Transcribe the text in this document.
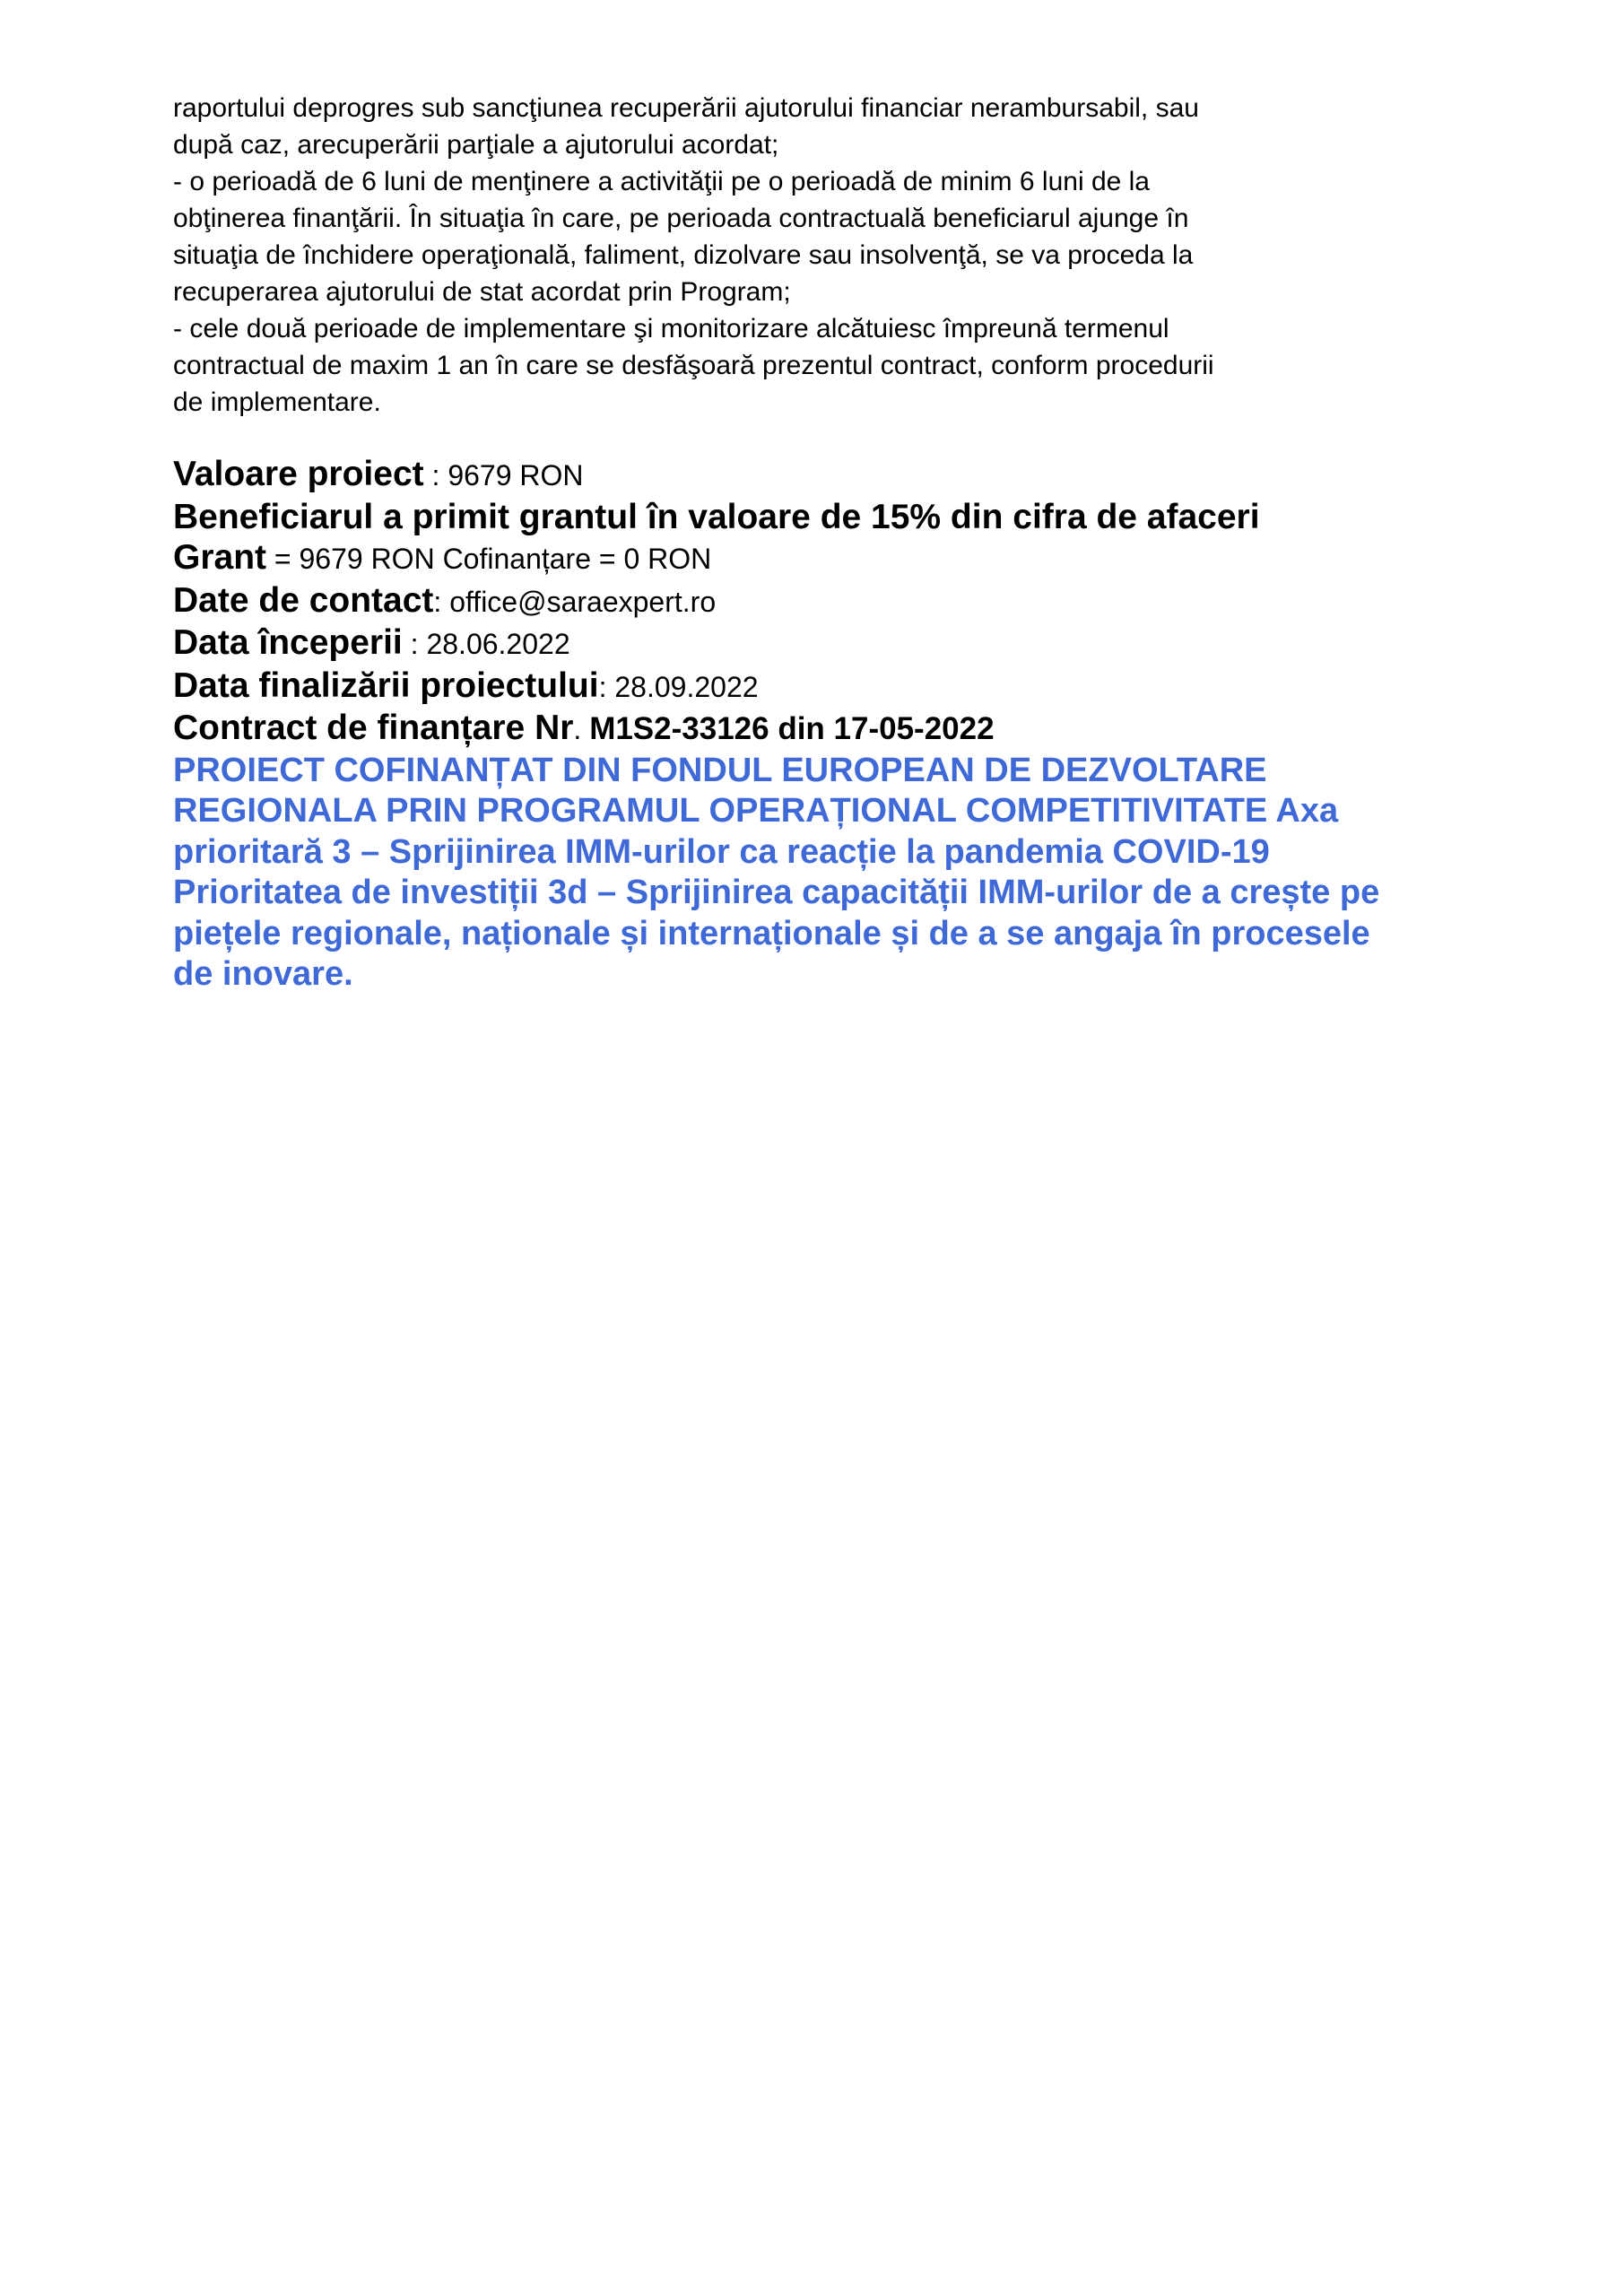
raportului deprogres sub sancţiunea recuperării ajutorului financiar nerambursabil, sau
după caz, arecuperării parţiale a ajutorului acordat;
- o perioadă de 6 luni de menţinere a activităţii pe o perioadă de minim 6 luni de la
obţinerea finanţării. În situaţia în care, pe perioada contractuală beneficiarul ajunge în
situaţia de închidere operaţională, faliment, dizolvare sau insolvenţă, se va proceda la
recuperarea ajutorului de stat acordat prin Program;
- cele două perioade de implementare şi monitorizare alcătuiesc împreună termenul
contractual de maxim 1 an în care se desfăşoară prezentul contract, conform procedurii
de implementare.
Valoare proiect : 9679 RON
Beneficiarul a primit grantul în valoare de 15% din cifra de afaceri
Grant = 9679 RON Cofinanțare = 0 RON
Date de contact: office@saraexpert.ro
Data începerii : 28.06.2022
Data finalizării proiectului: 28.09.2022
Contract de finanțare Nr. M1S2-33126 din 17-05-2022
PROIECT COFINANȚAT DIN FONDUL EUROPEAN DE DEZVOLTARE
REGIONALA PRIN PROGRAMUL OPERAȚIONAL COMPETITIVITATE Axa
prioritară 3 – Sprijinirea IMM-urilor ca reacție la pandemia COVID-19
Prioritatea de investiții 3d – Sprijinirea capacității IMM-urilor de a crește pe
piețele regionale, naționale și internaționale și de a se angaja în procesele
de inovare.
